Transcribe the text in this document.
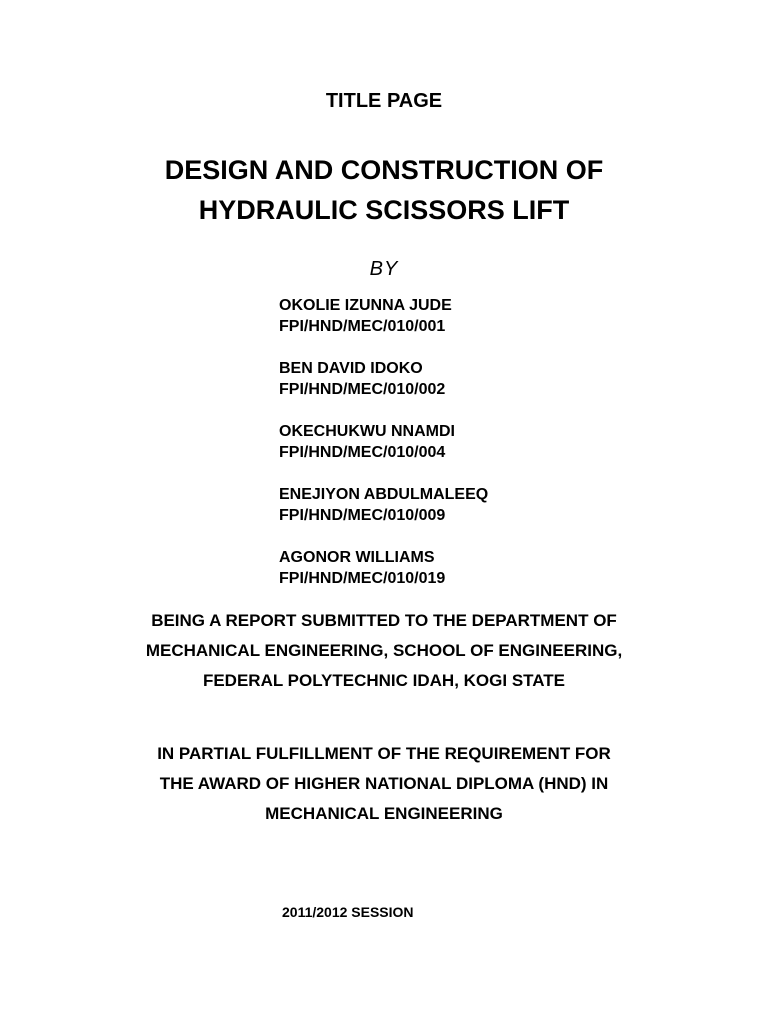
TITLE PAGE
DESIGN AND CONSTRUCTION OF
HYDRAULIC SCISSORS LIFT
BY
OKOLIE IZUNNA JUDE
FPI/HND/MEC/010/001
BEN DAVID IDOKO
FPI/HND/MEC/010/002
OKECHUKWU NNAMDI
FPI/HND/MEC/010/004
ENEJIYON ABDULMALEEQ
FPI/HND/MEC/010/009
AGONOR WILLIAMS
FPI/HND/MEC/010/019
BEING A REPORT SUBMITTED TO THE DEPARTMENT OF
MECHANICAL ENGINEERING, SCHOOL OF ENGINEERING,
FEDERAL POLYTECHNIC IDAH, KOGI STATE
IN PARTIAL FULFILLMENT OF THE REQUIREMENT FOR
THE AWARD OF HIGHER NATIONAL DIPLOMA (HND) IN
MECHANICAL ENGINEERING
2011/2012 SESSION
